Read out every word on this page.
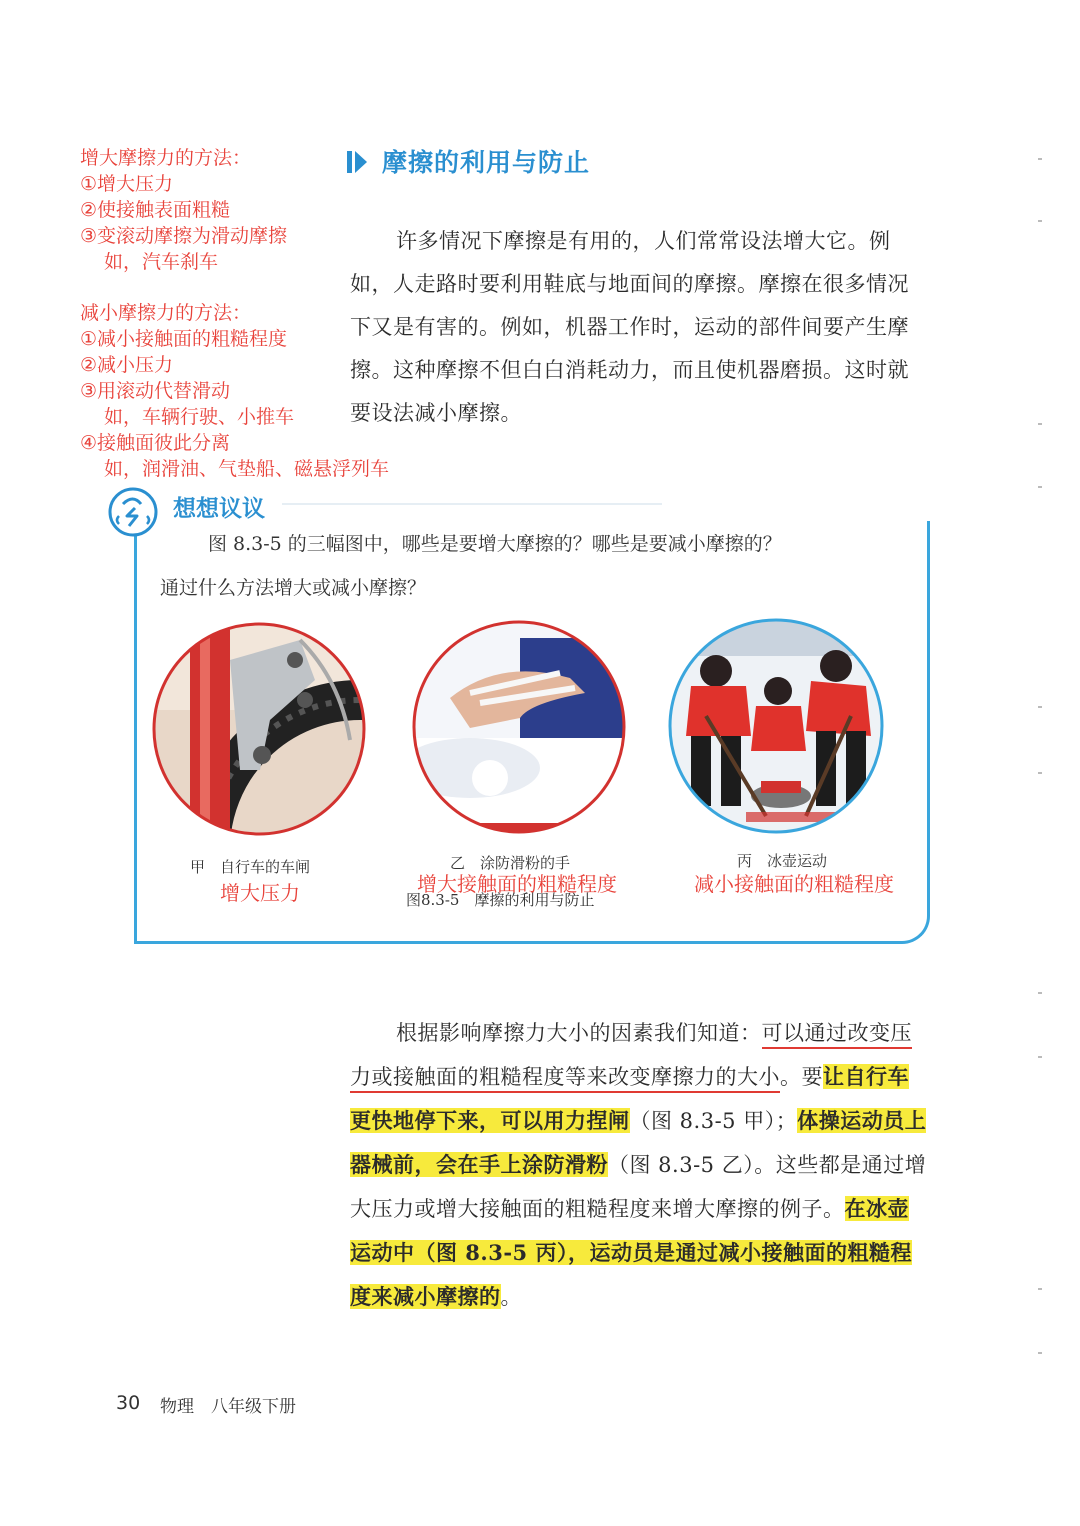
增大摩擦力的方法：
①增大压力
②使接触表面粗糙
③变滚动摩擦为滑动摩擦
如，汽车刹车
减小摩擦力的方法：
①减小接触面的粗糙程度
②减小压力
③用滚动代替滑动
如，车辆行驶、小推车
④接触面彼此分离
如，润滑油、气垫船、磁悬浮列车
摩擦的利用与防止

许多情况下摩擦是有用的，人们常常设法增大它。例如，人走路时要利用鞋底与地面间的摩擦。摩擦在很多情况下又是有害的。例如，机器工作时，运动的部件间要产生摩擦。这种摩擦不但白白消耗动力，而且使机器磨损。这时就要设法减小摩擦。

想想议议
图 8.3-5 的三幅图中，哪些是要增大摩擦的？哪些是要减小摩擦的？
通过什么方法增大或减小摩擦？
甲　自行车的车闸
增大压力
乙　涂防滑粉的手
增大接触面的粗糙程度
图8.3-5　摩擦的利用与防止
丙　冰壶运动
减小接触面的粗糙程度

根据影响摩擦力大小的因素我们知道：可以通过改变压力或接触面的粗糙程度等来改变摩擦力的大小。要让自行车更快地停下来，可以用力捏闸（图 8.3-5 甲）；体操运动员上器械前，会在手上涂防滑粉（图 8.3-5 乙）。这些都是通过增大压力或增大接触面的粗糙程度来增大摩擦的例子。在冰壶运动中（图 8.3-5 丙），运动员是通过减小接触面的粗糙程度来减小摩擦的。

30 物理　八年级下册
